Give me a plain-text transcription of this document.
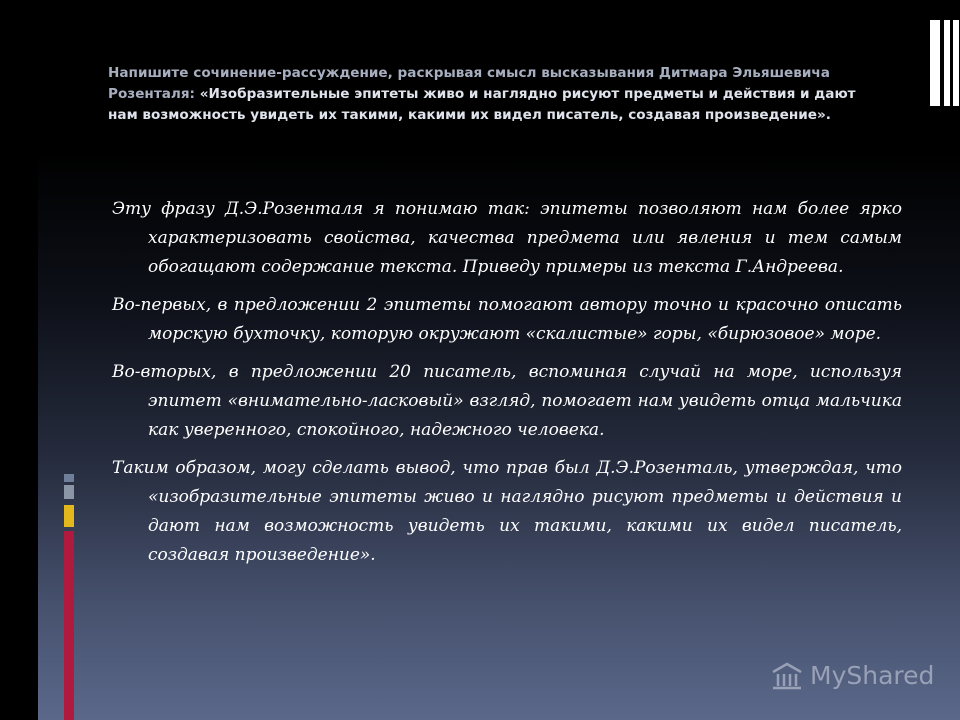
Напишите сочинение-рассуждение, раскрывая смысл высказывания Дитмара Эльяшевича Розенталя: «Изобразительные эпитеты живо и наглядно рисуют предметы и действия и дают нам возможность увидеть их такими, какими их видел писатель, создавая произведение».

Эту фразу Д.Э.Розенталя я понимаю так: эпитеты позволяют нам более ярко характеризовать свойства, качества предмета или явления и тем самым обогащают содержание текста. Приведу примеры из текста Г.Андреева.

Во-первых, в предложении 2 эпитеты помогают автору точно и красочно описать морскую бухточку, которую окружают «скалистые» горы, «бирюзовое» море.

Во-вторых, в предложении 20 писатель, вспоминая случай на море, используя эпитет «внимательно-ласковый» взгляд, помогает нам увидеть отца мальчика как уверенного, спокойного, надежного человека.

Таким образом, могу сделать вывод, что прав был Д.Э.Розенталь, утверждая, что «изобразительные эпитеты живо и наглядно рисуют предметы и действия и дают нам возможность увидеть их такими, какими их видел писатель, создавая произведение».

MyShared
